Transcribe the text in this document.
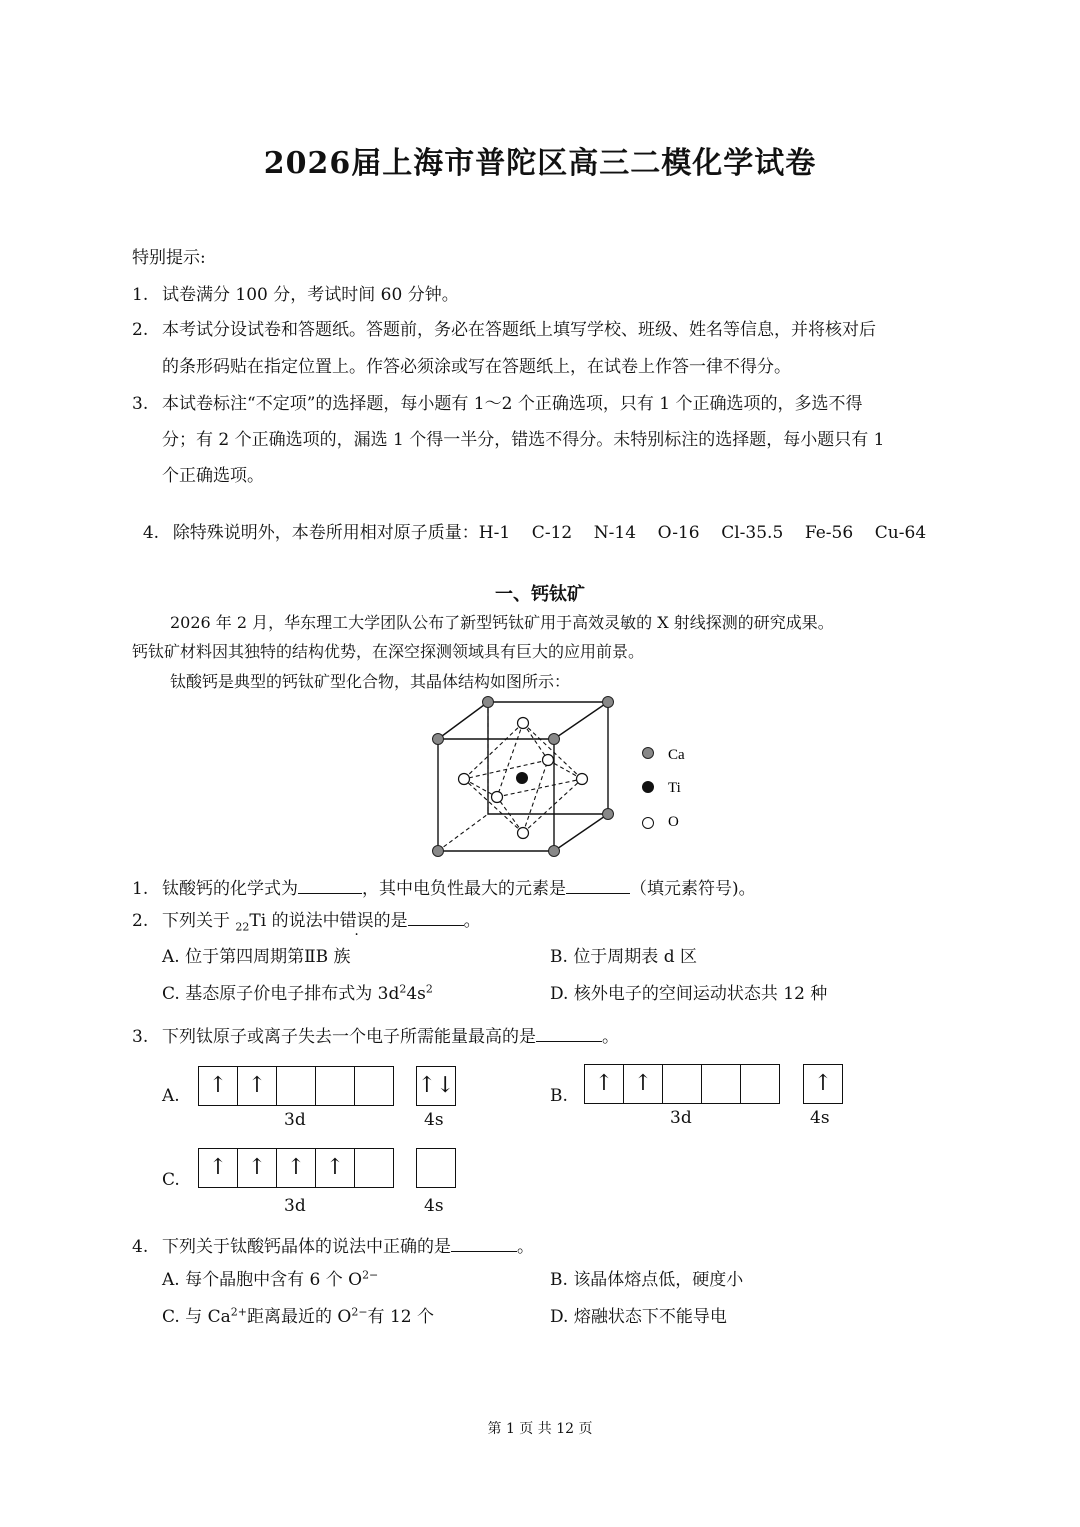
2026届上海市普陀区高三二模化学试卷
特别提示:
1. 试卷满分 100 分，考试时间 60 分钟。
2. 本考试分设试卷和答题纸。答题前，务必在答题纸上填写学校、班级、姓名等信息，并将核对后
的条形码贴在指定位置上。作答必须涂或写在答题纸上，在试卷上作答一律不得分。
3. 本试卷标注“不定项”的选择题，每小题有 1～2 个正确选项，只有 1 个正确选项的，多选不得
分；有 2 个正确选项的，漏选 1 个得一半分，错选不得分。未特别标注的选择题，每小题只有 1
个正确选项。

4. 除特殊说明外，本卷所用相对原子质量：H-1    C-12    N-14    O-16    Cl-35.5    Fe-56    Cu-64

一、钙钛矿
2026 年 2 月，华东理工大学团队公布了新型钙钛矿用于高效灵敏的 X 射线探测的研究成果。
钙钛矿材料因其独特的结构优势，在深空探测领域具有巨大的应用前景。
钛酸钙是典型的钙钛矿型化合物，其晶体结构如图所示：
Ca
Ti
O
1. 钛酸钙的化学式为	，其中电负性最大的元素是	（填元素符号)。
2. 下列关于 $_{22}$Ti 的说法中错误的是	。
A. 位于第四周期第ⅡB 族	B. 位于周期表 d 区
C. 基态原子价电子排布式为 $3d^24s^2$	D. 核外电子的空间运动状态共 12 种
3. 下列钛原子或离子失去一个电子所需能量最高的是	。
A. ↑	↑				↑↓
3d	4s
B. ↑	↑				↑
3d	4s
C. ↑	↑	↑	↑	
3d	4s
4. 下列关于钛酸钙晶体的说法中正确的是	。
A. 每个晶胞中含有 6 个 $O^{2-}$	B. 该晶体熔点低，硬度小
C. 与 $Ca^{2+}$距离最近的 $O^{2-}$有 12 个	D. 熔融状态下不能导电
第 1 页 共 12 页
